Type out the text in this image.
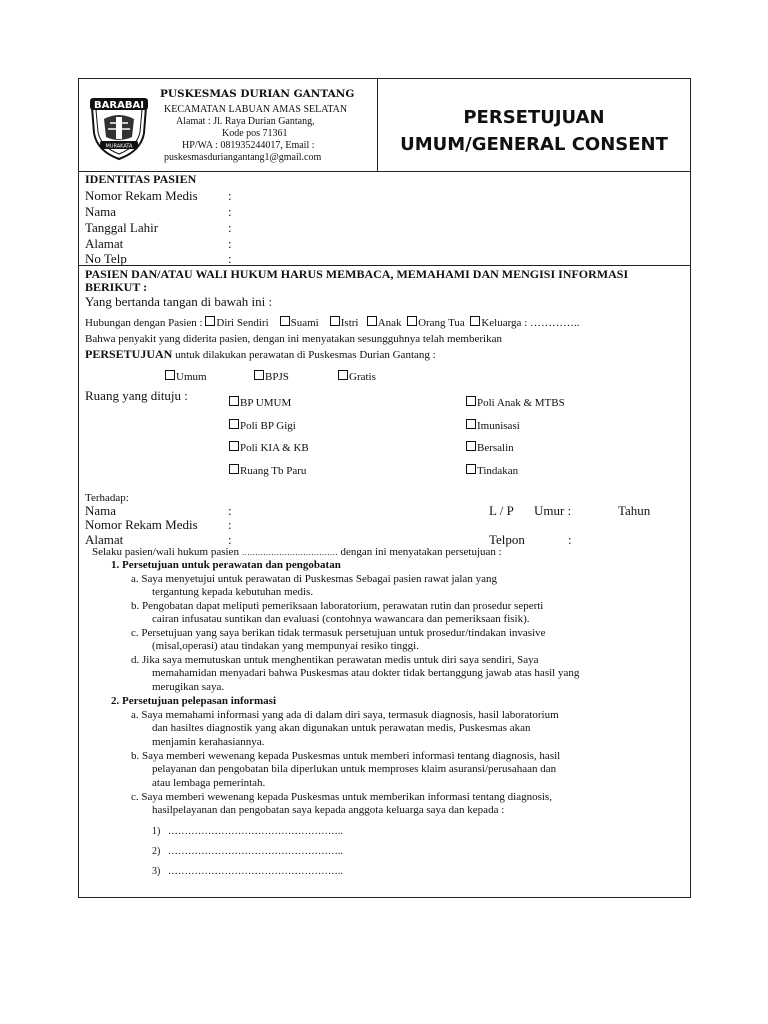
BARABAI
MURAKATA
PUSKESMAS DURIAN GANTANG
KECAMATAN LABUAN AMAS SELATAN
Alamat : Jl. Raya Durian Gantang,
Kode pos 71361
HP/WA : 081935244017, Email :
puskesmasduriangantang1@gmail.com
PERSETUJUAN
UMUM/GENERAL CONSENT
IDENTITAS PASIEN
Nomor Rekam Medis :
Nama	:
Tanggal Lahir	:
Alamat	:
No Telp	:
PASIEN DAN/ATAU WALI HUKUM HARUS MEMBACA, MEMAHAMI DAN MENGISI INFORMASI
BERIKUT :
Yang bertanda tangan di bawah ini :
Hubungan dengan Pasien : Diri Sendiri Suami Istri Anak Orang Tua Keluarga : …………..
Bahwa penyakit yang diderita pasien, dengan ini menyatakan sesungguhnya telah memberikan
PERSETUJUAN untuk dilakukan perawatan di Puskesmas Durian Gantang :
Umum	BPJS	Gratis
Ruang yang dituju :	BP UMUM
Poli BP Gigi
Poli KIA & KB
Ruang Tb Paru
Poli Anak & MTBS
Imunisasi
Bersalin
Tindakan
Terhadap:
Nama	:	L / P Umur :	Tahun
Nomor Rekam Medis :
Alamat	:	Telpon	:
Selaku pasien/wali hukum pasien ……………………………… dengan ini menyatakan persetujuan :
1. Persetujuan untuk perawatan dan pengobatan
a. Saya menyetujui untuk perawatan di Puskesmas Sebagai pasien rawat jalan yang
tergantung kepada kebutuhan medis.
b. Pengobatan dapat meliputi pemeriksaan laboratorium, perawatan rutin dan prosedur seperti
cairan infusatau suntikan dan evaluasi (contohnya wawancara dan pemeriksaan fisik).
c. Persetujuan yang saya berikan tidak termasuk persetujuan untuk prosedur/tindakan invasive
(misal,operasi) atau tindakan yang mempunyai resiko tinggi.
d. Jika saya memutuskan untuk menghentikan perawatan medis untuk diri saya sendiri, Saya
memahamidan menyadari bahwa Puskesmas atau dokter tidak bertanggung jawab atas hasil yang
merugikan saya.
2. Persetujuan pelepasan informasi
a. Saya memahami informasi yang ada di dalam diri saya, termasuk diagnosis, hasil laboratorium
dan hasiltes diagnostik yang akan digunakan untuk perawatan medis, Puskesmas akan
menjamin kerahasiannya.
b. Saya memberi wewenang kepada Puskesmas untuk memberi informasi tentang diagnosis, hasil
pelayanan dan pengobatan bila diperlukan untuk memproses klaim asuransi/perusahaan dan
atau lembaga pemerintah.
c. Saya memberi wewenang kepada Puskesmas untuk memberikan informasi tentang diagnosis,
hasilpelayanan dan pengobatan saya kepada anggota keluarga saya dan kepada :
1) ……………………………………………..
2) ……………………………………………..
3) ……………………………………………..
